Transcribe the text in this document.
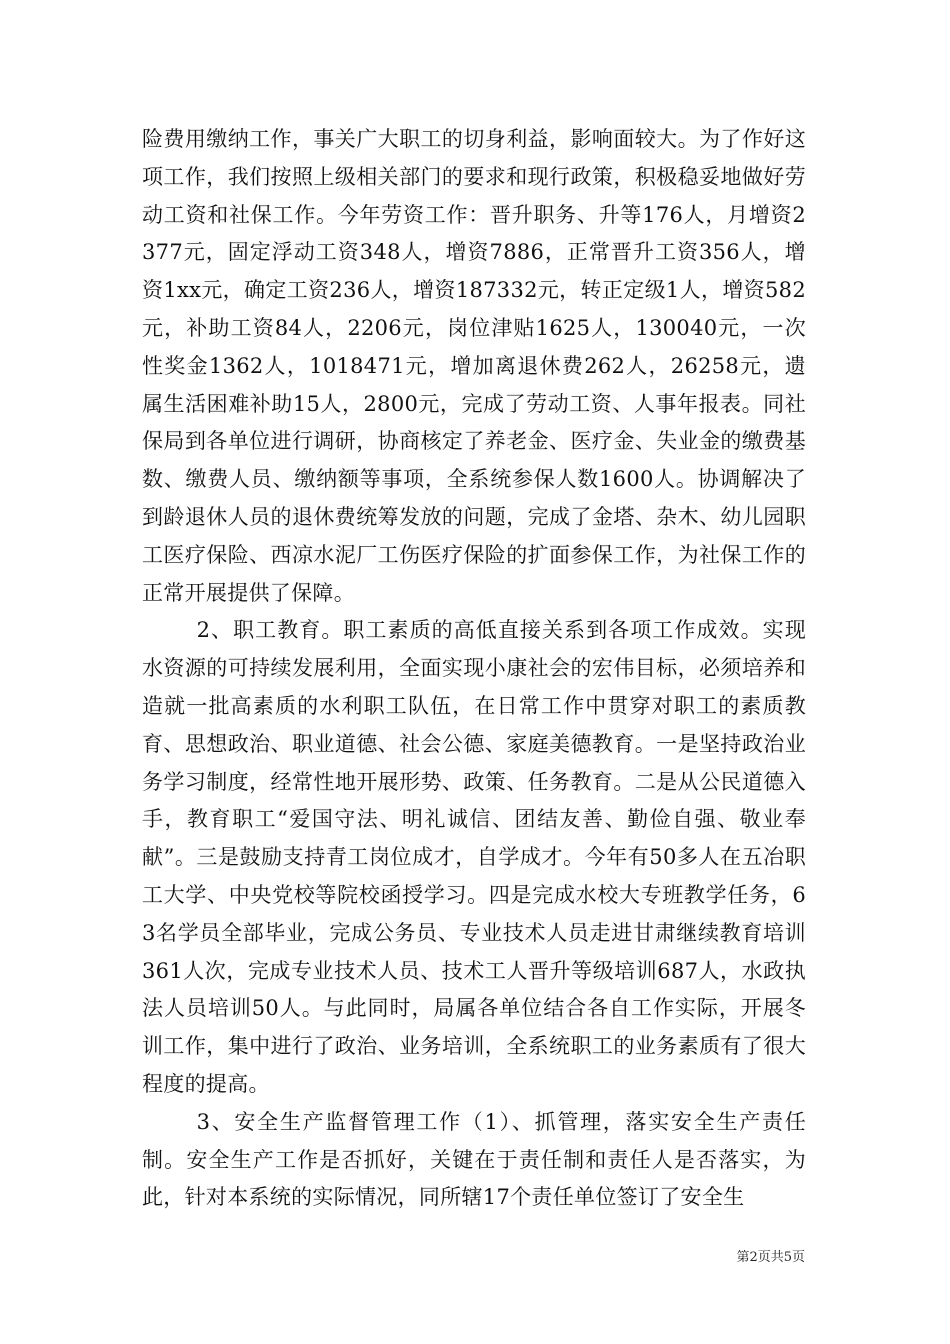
险费用缴纳工作，事关广大职工的切身利益，影响面较大。为了作好这项工作，我们按照上级相关部门的要求和现行政策，积极稳妥地做好劳动工资和社保工作。今年劳资工作：晋升职务、升等176人，月增资2377元，固定浮动工资348人，增资7886，正常晋升工资356人，增资1xx元，确定工资236人，增资187332元，转正定级1人，增资582元，补助工资84人，2206元，岗位津贴1625人，130040元，一次性奖金1362人，1018471元，增加离退休费262人，26258元，遗属生活困难补助15人，2800元，完成了劳动工资、人事年报表。同社保局到各单位进行调研，协商核定了养老金、医疗金、失业金的缴费基数、缴费人员、缴纳额等事项，全系统参保人数1600人。协调解决了到龄退休人员的退休费统筹发放的问题，完成了金塔、杂木、幼儿园职工医疗保险、西凉水泥厂工伤医疗保险的扩面参保工作，为社保工作的正常开展提供了保障。

2、职工教育。职工素质的高低直接关系到各项工作成效。实现水资源的可持续发展利用，全面实现小康社会的宏伟目标，必须培养和造就一批高素质的水利职工队伍，在日常工作中贯穿对职工的素质教育、思想政治、职业道德、社会公德、家庭美德教育。一是坚持政治业务学习制度，经常性地开展形势、政策、任务教育。二是从公民道德入手，教育职工“爱国守法、明礼诚信、团结友善、勤俭自强、敬业奉献”。三是鼓励支持青工岗位成才，自学成才。今年有50多人在五冶职工大学、中央党校等院校函授学习。四是完成水校大专班教学任务，63名学员全部毕业，完成公务员、专业技术人员走进甘肃继续教育培训361人次，完成专业技术人员、技术工人晋升等级培训687人，水政执法人员培训50人。与此同时，局属各单位结合各自工作实际，开展冬训工作，集中进行了政治、业务培训，全系统职工的业务素质有了很大程度的提高。

3、安全生产监督管理工作（1）、抓管理，落实安全生产责任制。安全生产工作是否抓好，关键在于责任制和责任人是否落实，为此，针对本系统的实际情况，同所辖17个责任单位签订了安全生

第2页共5页
